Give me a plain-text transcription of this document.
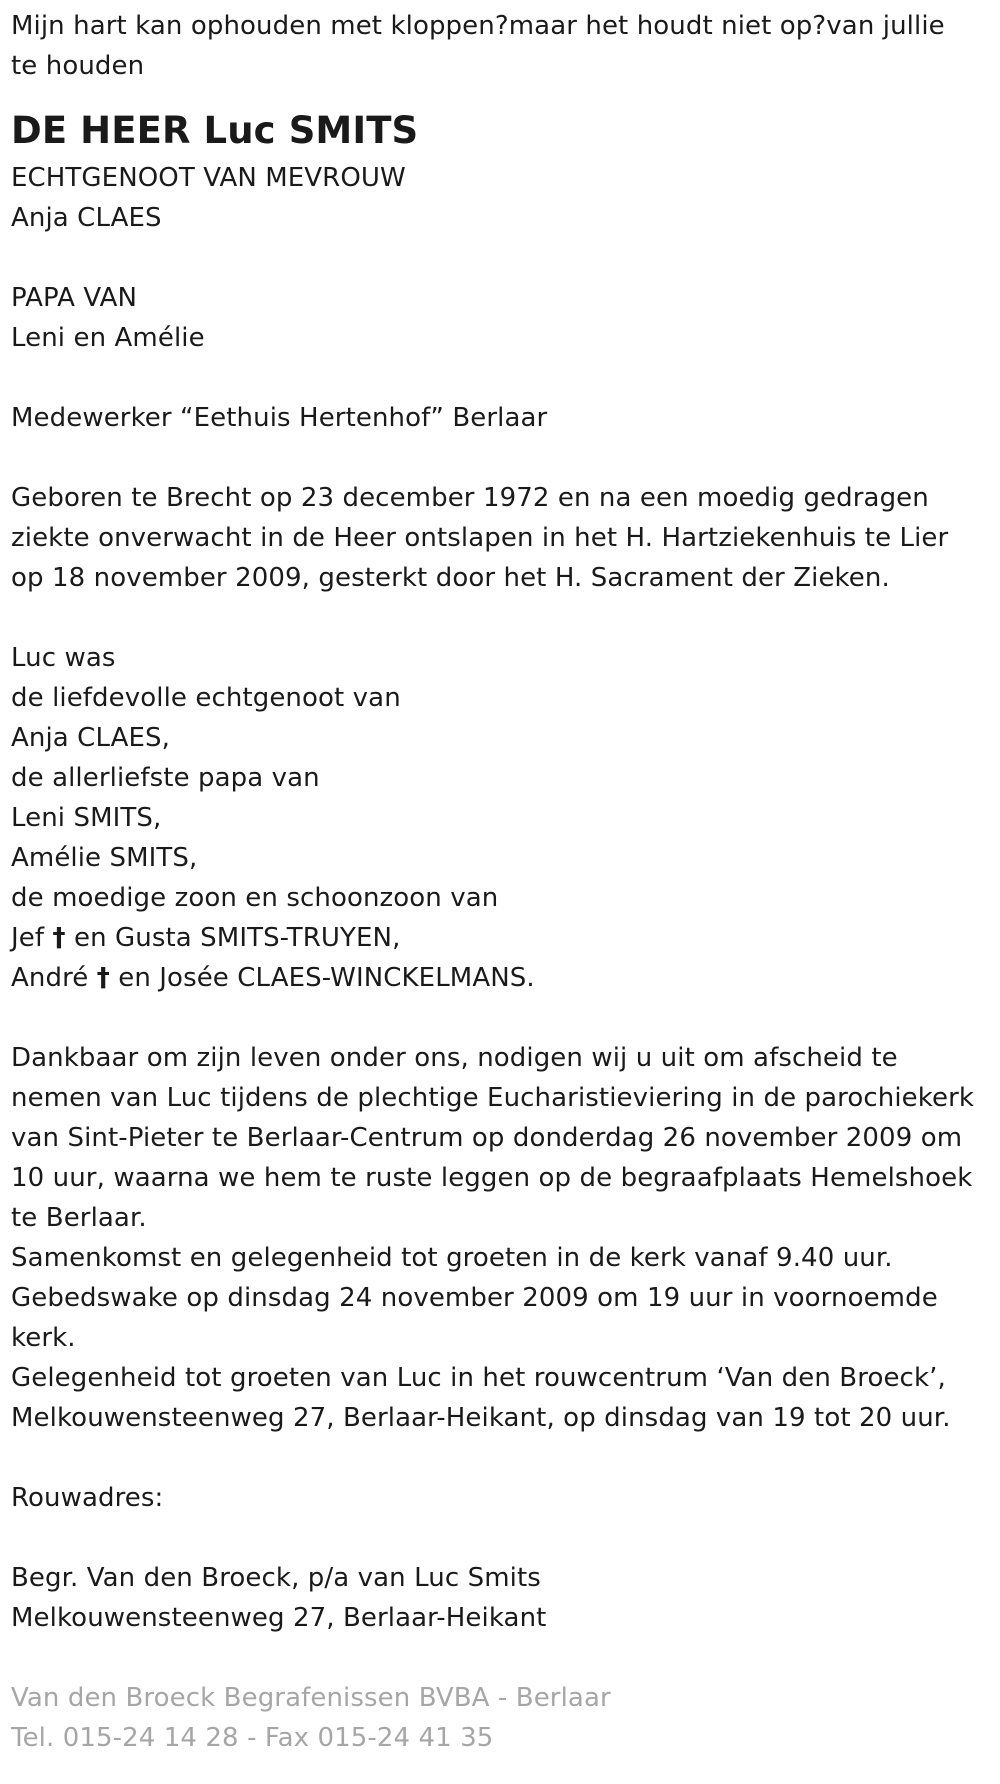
Mijn hart kan ophouden met kloppen?maar het houdt niet op?van jullie
te houden
DE HEER Luc SMITS
ECHTGENOOT VAN MEVROUW
Anja CLAES
PAPA VAN
Leni en Amélie
Medewerker “Eethuis Hertenhof” Berlaar
Geboren te Brecht op 23 december 1972 en na een moedig gedragen
ziekte onverwacht in de Heer ontslapen in het H. Hartziekenhuis te Lier
op 18 november 2009, gesterkt door het H. Sacrament der Zieken.
Luc was
de liefdevolle echtgenoot van
Anja CLAES,
de allerliefste papa van
Leni SMITS,
Amélie SMITS,
de moedige zoon en schoonzoon van
Jef † en Gusta SMITS-TRUYEN,
André † en Josée CLAES-WINCKELMANS.
Dankbaar om zijn leven onder ons, nodigen wij u uit om afscheid te
nemen van Luc tijdens de plechtige Eucharistieviering in de parochiekerk
van Sint-Pieter te Berlaar-Centrum op donderdag 26 november 2009 om
10 uur, waarna we hem te ruste leggen op de begraafplaats Hemelshoek
te Berlaar.
Samenkomst en gelegenheid tot groeten in de kerk vanaf 9.40 uur.
Gebedswake op dinsdag 24 november 2009 om 19 uur in voornoemde
kerk.
Gelegenheid tot groeten van Luc in het rouwcentrum ‘Van den Broeck’,
Melkouwensteenweg 27, Berlaar-Heikant, op dinsdag van 19 tot 20 uur.
Rouwadres:
Begr. Van den Broeck, p/a van Luc Smits
Melkouwensteenweg 27, Berlaar-Heikant
Van den Broeck Begrafenissen BVBA - Berlaar
Tel. 015-24 14 28 - Fax 015-24 41 35
